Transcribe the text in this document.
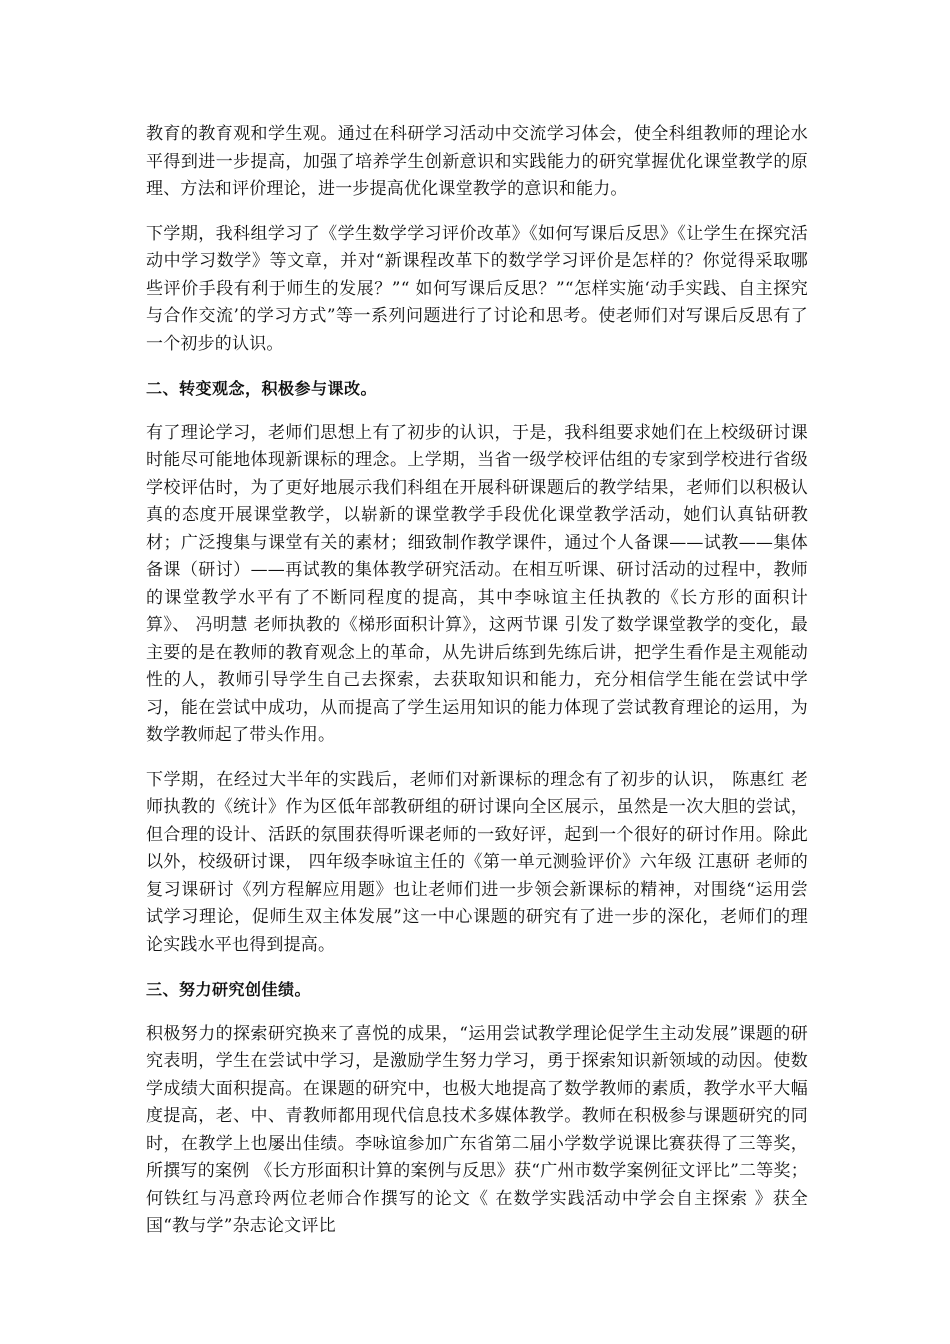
教育的教育观和学生观。通过在科研学习活动中交流学习体会，使全科组教师的理论水平得到进一步提高，加强了培养学生创新意识和实践能力的研究掌握优化课堂教学的原理、方法和评价理论，进一步提高优化课堂教学的意识和能力。

下学期，我科组学习了《学生数学学习评价改革》《如何写课后反思》《让学生在探究活动中学习数学》等文章，并对“新课程改革下的数学学习评价是怎样的？你觉得采取哪些评价手段有利于师生的发展？”“ 如何写课后反思？”“怎样实施‘动手实践、自主探究与合作交流’的学习方式”等一系列问题进行了讨论和思考。使老师们对写课后反思有了一个初步的认识。

二、转变观念，积极参与课改。

有了理论学习，老师们思想上有了初步的认识，于是，我科组要求她们在上校级研讨课时能尽可能地体现新课标的理念。上学期，当省一级学校评估组的专家到学校进行省级学校评估时，为了更好地展示我们科组在开展科研课题后的教学结果，老师们以积极认真的态度开展课堂教学，以崭新的课堂教学手段优化课堂教学活动，她们认真钻研教材；广泛搜集与课堂有关的素材；细致制作教学课件，通过个人备课——试教——集体备课（研讨）——再试教的集体教学研究活动。在相互听课、研讨活动的过程中，教师的课堂教学水平有了不断同程度的提高，其中李咏谊主任执教的《长方形的面积计算》、 冯明慧 老师执教的《梯形面积计算》，这两节课 引发了数学课堂教学的变化，最主要的是在教师的教育观念上的革命，从先讲后练到先练后讲，把学生看作是主观能动性的人，教师引导学生自己去探索，去获取知识和能力，充分相信学生能在尝试中学习，能在尝试中成功，从而提高了学生运用知识的能力体现了尝试教育理论的运用，为数学教师起了带头作用。

下学期，在经过大半年的实践后，老师们对新课标的理念有了初步的认识， 陈惠红 老师执教的《统计》作为区低年部教研组的研讨课向全区展示，虽然是一次大胆的尝试，但合理的设计、活跃的氛围获得听课老师的一致好评，起到一个很好的研讨作用。除此以外，校级研讨课， 四年级李咏谊主任的《第一单元测验评价》六年级 江惠研 老师的复习课研讨《列方程解应用题》也让老师们进一步领会新课标的精神，对围绕“运用尝试学习理论，促师生双主体发展”这一中心课题的研究有了进一步的深化，老师们的理论实践水平也得到提高。

三、努力研究创佳绩。

积极努力的探索研究换来了喜悦的成果，“运用尝试教学理论促学生主动发展”课题的研究表明，学生在尝试中学习，是激励学生努力学习，勇于探索知识新领域的动因。使数学成绩大面积提高。在课题的研究中，也极大地提高了数学教师的素质，教学水平大幅度提高，老、中、青教师都用现代信息技术多媒体教学。教师在积极参与课题研究的同时，在教学上也屡出佳绩。李咏谊参加广东省第二届小学数学说课比赛获得了三等奖，所撰写的案例 《长方形面积计算的案例与反思》获“广州市数学案例征文评比”二等奖； 何铁红与冯意玲两位老师合作撰写的论文《 在数学实践活动中学会自主探索 》获全国“教与学”杂志论文评比
